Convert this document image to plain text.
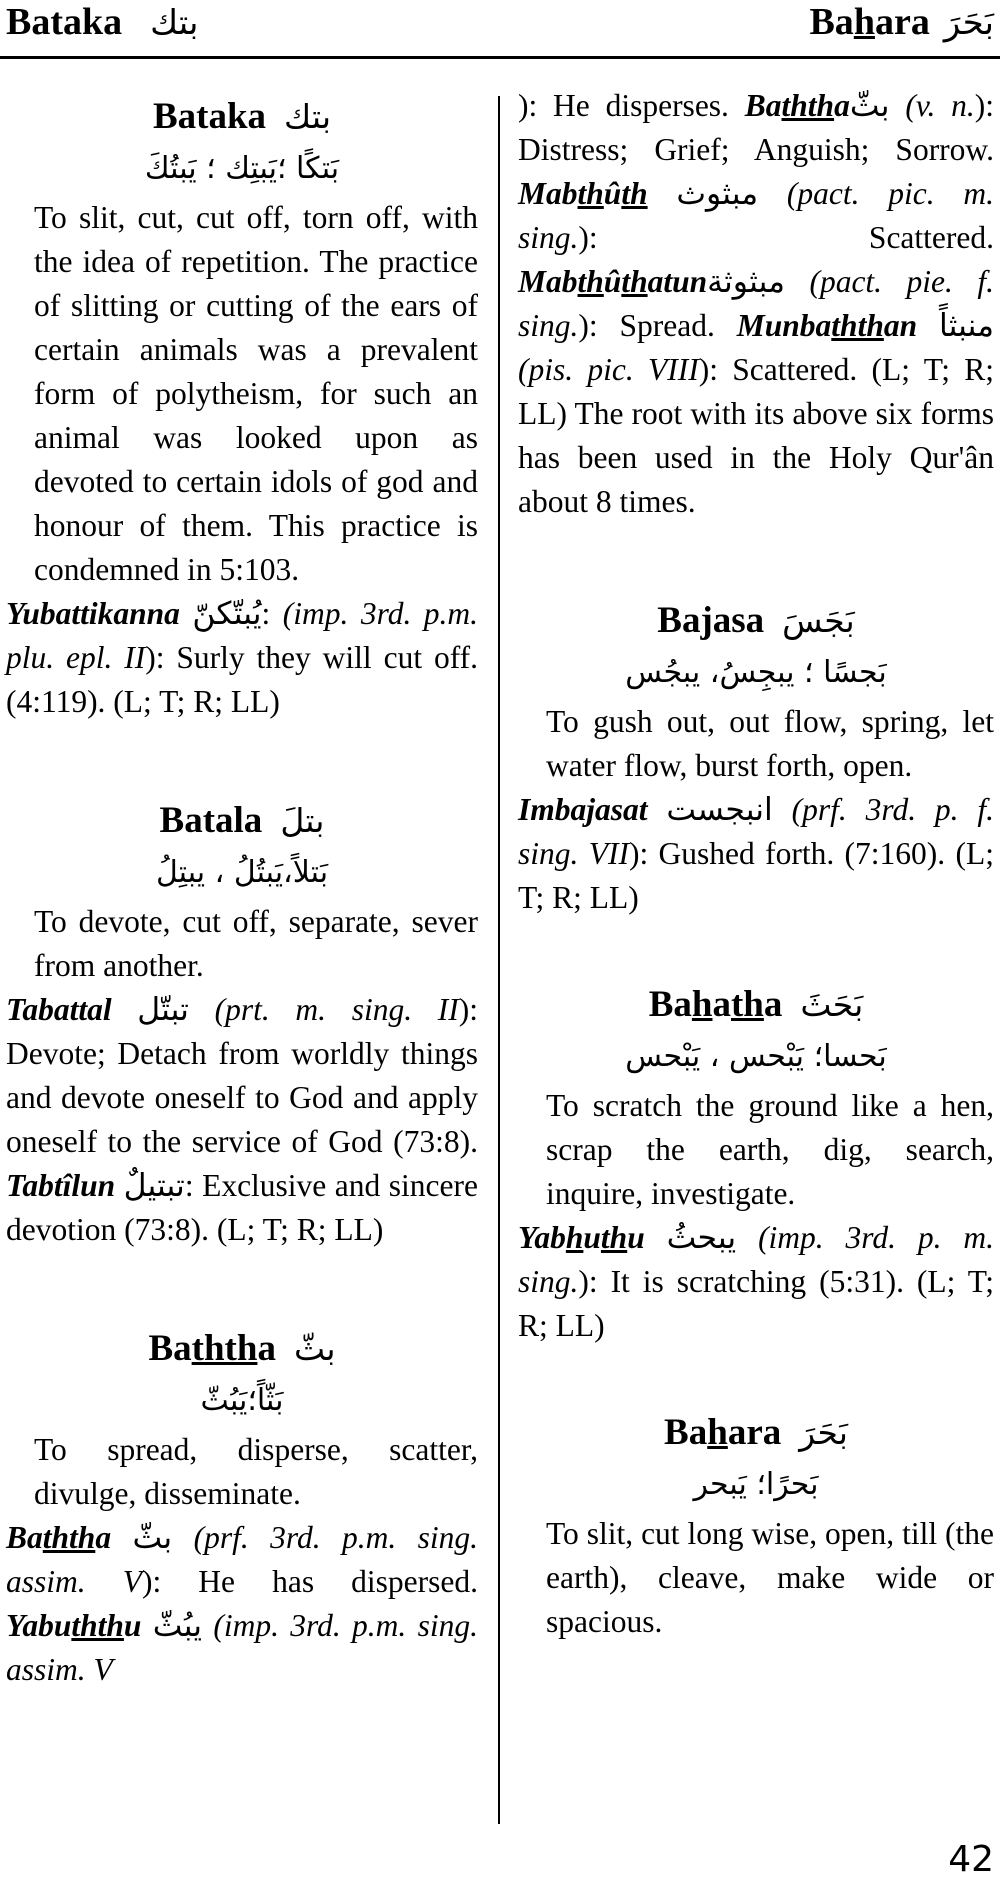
Bataka بتك	Bahara بَحَرَ
Bataka بتك
بَتكًا ؛يَبتِك ؛ يَبتُكَ
To slit, cut, cut off, torn off, with the idea of repetition. The practice of slitting or cutting of the ears of certain animals was a prevalent form of polytheism, for such an animal was looked upon as devoted to certain idols of god and honour of them. This practice is condemned in 5:103.
Yubattikanna يُبتّكنّ: (imp. 3rd. p.m. plu. epl. II): Surly they will cut off. (4:119). (L; T; R; LL)
Batala بتلَ
بَتلاً،يَبتُلُ ، يبتِلُ
To devote, cut off, separate, sever from another.
Tabattal تبتّل (prt. m. sing. II): Devote; Detach from worldly things and devote oneself to God and apply oneself to the service of God (73:8). Tabtîlun تبتيلٌ: Exclusive and sincere devotion (73:8). (L; T; R; LL)
Baththa بثّ
بَثّاً؛يَبُثّ
To spread, disperse, scatter, divulge, disseminate.
Baththa بثّ (prf. 3rd. p.m. sing. assim. V): He has dispersed. Yabuththu يبُثّ (imp. 3rd. p.m. sing. assim. V
): He disperses. Baththaبثّ (v. n.): Distress; Grief; Anguish; Sorrow. Mabthûth مبثوث (pact. pic. m. sing.): Scattered. Mabthûthatunمبثوثة (pact. pie. f. sing.): Spread. Munbaththan منبثاً (pis. pic. VIII): Scattered. (L; T; R; LL) The root with its above six forms has been used in the Holy Qur'ân about 8 times.
Bajasa بَجَسَ
بَجسًا ؛ يبجِسُ، يبجُس
To gush out, out flow, spring, let water flow, burst forth, open.
Imbajasat انبجست (prf. 3rd. p. f. sing. VII): Gushed forth. (7:160). (L; T; R; LL)
Bahatha بَحَثَ
بَحسا؛ يَبْحس ، يَبْحس
To scratch the ground like a hen, scrap the earth, dig, search, inquire, investigate.
Yabhuthu يبحثُ (imp. 3rd. p. m. sing.): It is scratching (5:31). (L; T; R; LL)
Bahara بَحَرَ
بَحرًا؛ يَبحر
To slit, cut long wise, open, till (the earth), cleave, make wide or spacious.
42
